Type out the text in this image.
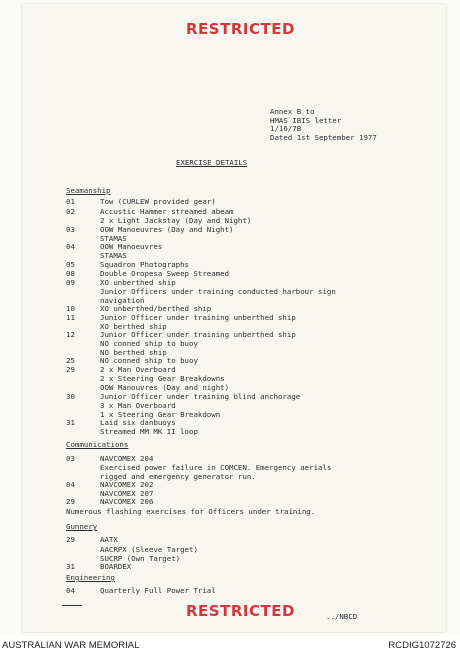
RESTRICTED
Annex B to
HMAS IBIS letter
1/16/7B
Dated 1st September 1977
EXERCISE DETAILS
Seamanship
01	Tow (CURLEW provided gear)
02	Accustic Hammer streamed abeam
2 x Light Jackstay (Day and Night)
03	OOW Manoeuvres (Day and Night)
STAMAS
04	OOW Manoeuvres
STAMAS
05	Squadron Photographs
08	Double Oropesa Sweep Streamed
09	XO unberthed ship
Junior Officers under training conducted harbour sign
navigation
10	XO unberthed/berthed ship
11	Junior Officer under training unberthed ship
XO berthed ship
12	Junior Officer under training unberthed ship
NO conned ship to buoy
NO berthed ship
25	NO conned ship to buoy
29	2 x Man Overboard
2 x Steering Gear Breakdowns
OOW Manouvres (Day and night)
30	Junior Officer under training blind anchorage
3 x Man Overboard
1 x Steering Gear Breakdown
31	Laid six danbuoys
Streamed MM MK II loop
Communications
03	NAVCOMEX 204
Exercised power failure in COMCEN. Emergency aerials
rigged and emergency generator run.
04	NAVCOMEX 202
NAVCOMEX 207
29	NAVCOMEX 206
Numerous flashing exercises for Officers under training.
Gunnery
29	AATX
AACRPX (Sleeve Target)
SUCRP (Own Target)
31	BOARDEX
Engineering
04	Quarterly Full Power Trial
RESTRICTED	../NBCD
AUSTRALIAN WAR MEMORIAL	RCDIG1072726
